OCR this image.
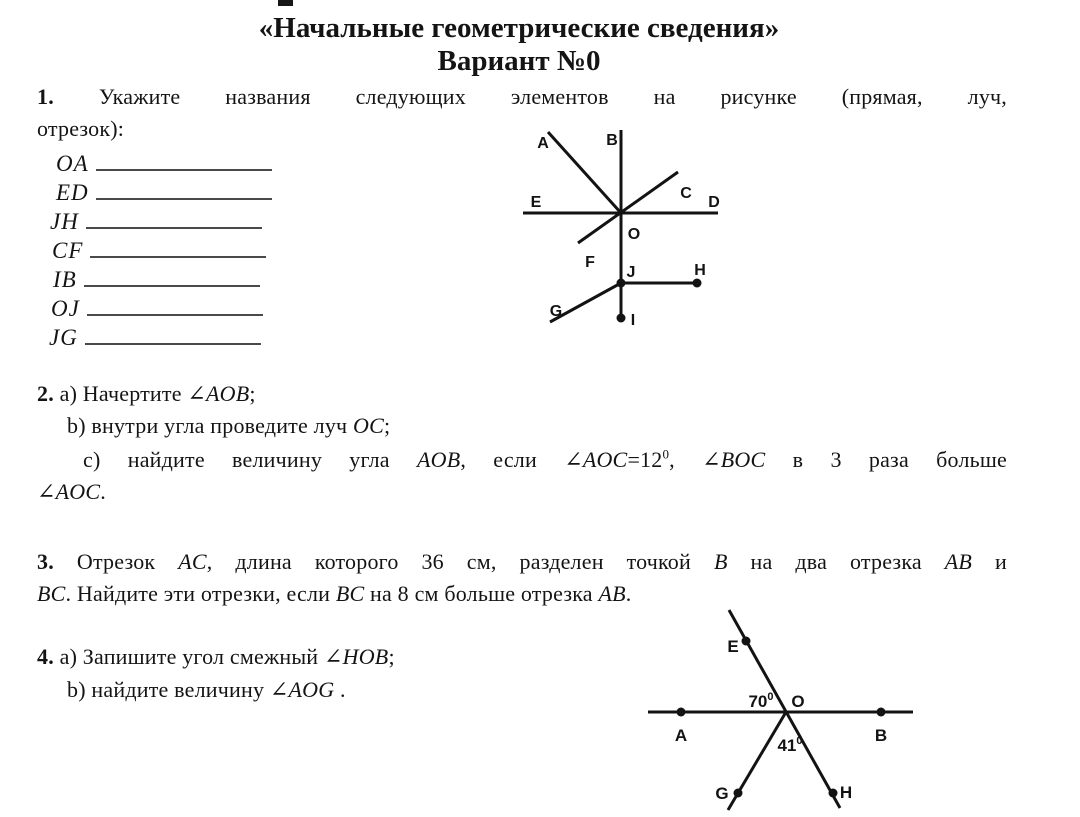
«Начальные геометрические сведения»
Вариант №0
1. Укажите названия следующих элементов на рисунке (прямая, луч,
отрезок):
OA
ED
JH
CF
IB
OJ
JG
A	B
C
D
E
F
O
J	H
G
I
2. a) Начертите ∠AOB;
b) внутри угла проведите луч OC;
c) найдите величину угла AOB, если $\angle AOC=12^0$, ∠BOC в 3 раза больше
∠AOC.
3. Отрезок AC, длина которого 36 см, разделен точкой B на два отрезка AB и
BC. Найдите эти отрезки, если BC на 8 см больше отрезка AB.
4. a) Запишите угол смежный ∠HOB;
b) найдите величину ∠AOG .
E
O
A	B
G	H
$70^0$
$41^0$
